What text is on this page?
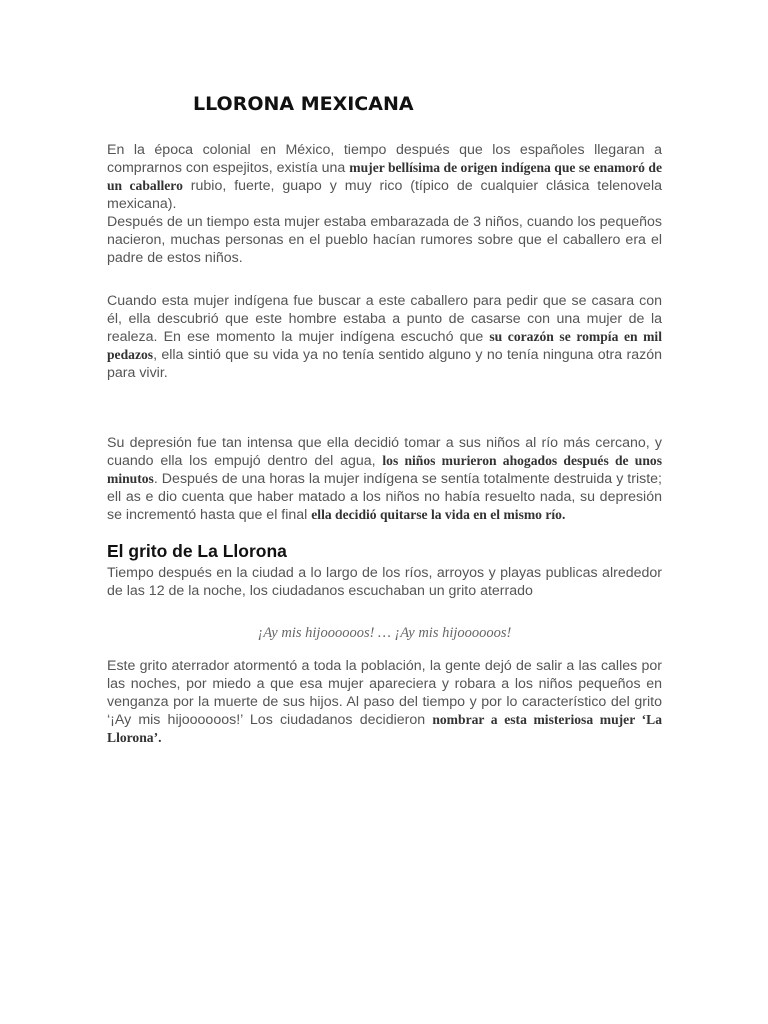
LLORONA MEXICANA

En la época colonial en México, tiempo después que los españoles llegaran a comprarnos con espejitos, existía una mujer bellísima de origen indígena que se enamoró de un caballero rubio, fuerte, guapo y muy rico (típico de cualquier clásica telenovela mexicana).

Después de un tiempo esta mujer estaba embarazada de 3 niños, cuando los pequeños nacieron, muchas personas en el pueblo hacían rumores sobre que el caballero era el padre de estos niños.

Cuando esta mujer indígena fue buscar a este caballero para pedir que se casara con él, ella descubrió que este hombre estaba a punto de casarse con una mujer de la realeza. En ese momento la mujer indígena escuchó que su corazón se rompía en mil pedazos, ella sintió que su vida ya no tenía sentido alguno y no tenía ninguna otra razón para vivir.

Su depresión fue tan intensa que ella decidió tomar a sus niños al río más cercano, y cuando ella los empujó dentro del agua, los niños murieron ahogados después de unos minutos. Después de una horas la mujer indígena se sentía totalmente destruida y triste; ell as e dio cuenta que haber matado a los niños no había resuelto nada, su depresión se incrementó hasta que el final ella decidió quitarse la vida en el mismo río.

El grito de La Llorona

Tiempo después en la ciudad a lo largo de los ríos, arroyos y playas publicas alrededor de las 12 de la noche, los ciudadanos escuchaban un grito aterrado

¡Ay mis hijoooooos! … ¡Ay mis hijoooooos!

Este grito aterrador atormentó a toda la población, la gente dejó de salir a las calles por las noches, por miedo a que esa mujer apareciera y robara a los niños pequeños en venganza por la muerte de sus hijos. Al paso del tiempo y por lo característico del grito ‘¡Ay mis hijoooooos!’ Los ciudadanos decidieron nombrar a esta misteriosa mujer ‘La Llorona’.
